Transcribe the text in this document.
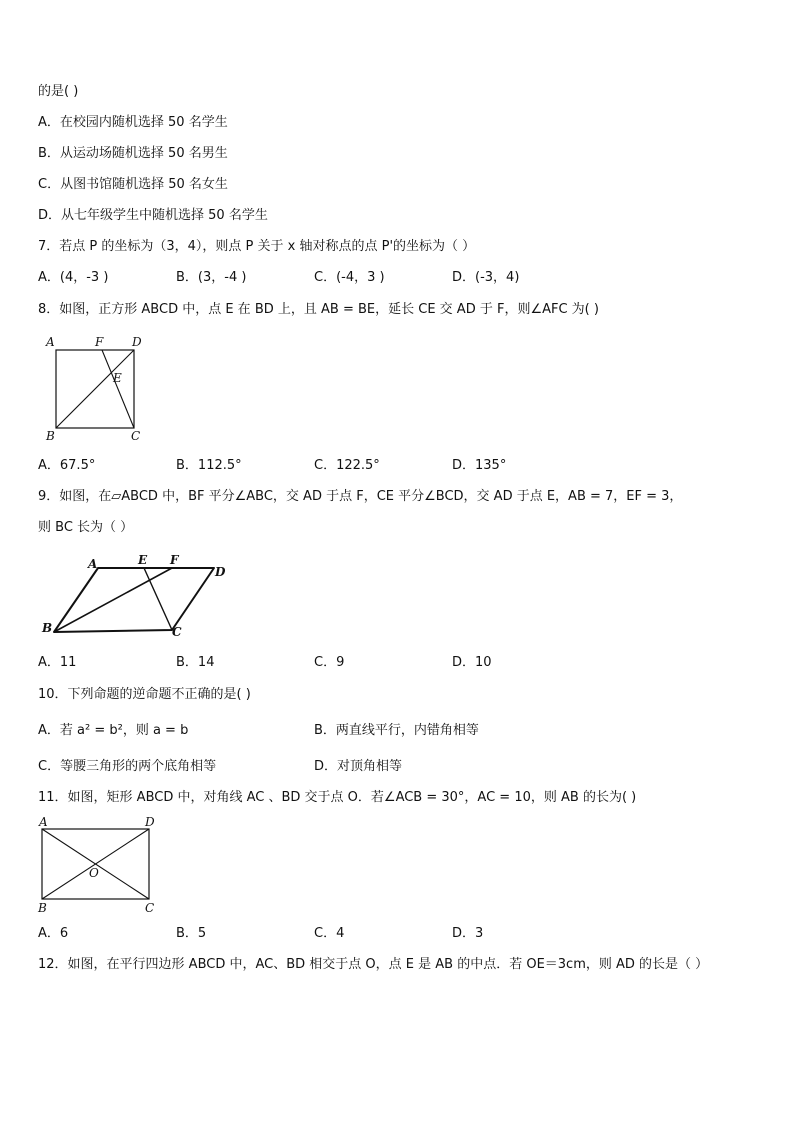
的是( )
A．在校园内随机选择 50 名学生
B．从运动场随机选择 50 名男生
C．从图书馆随机选择 50 名女生
D．从七年级学生中随机选择 50 名学生
7．若点 P 的坐标为（3，4），则点 P 关于 x 轴对称点的点 P'的坐标为（ ）
A．(4，-3 )	B．(3，-4 )	C．(-4，3 )	D．(-3，4)
8．如图，正方形 ABCD 中，点 E 在 BD 上，且 AB = BE，延长 CE 交 AD 于 F，则∠AFC 为( )
A	F D
E
B	C
A．67.5°	B．112.5°	C．122.5°	D．135°
9．如图，在▱ABCD 中，BF 平分∠ABC，交 AD 于点 F，CE 平分∠BCD，交 AD 于点 E，AB = 7，EF = 3，
则 BC 长为（ ）
A	E F
D
B	C
A．11	B．14	C．9	D．10
10．下列命题的逆命题不正确的是( )
A．若 a² = b²，则 a = b	B．两直线平行，内错角相等
C．等腰三角形的两个底角相等	D．对顶角相等
11．如图，矩形 ABCD 中，对角线 AC 、BD 交于点 O．若∠ACB = 30°，AC = 10，则 AB 的长为( )
A	D
O
B	C
A．6	B．5	C．4	D．3
12．如图，在平行四边形 ABCD 中，AC、BD 相交于点 O，点 E 是 AB 的中点．若 OE＝3cm，则 AD 的长是（ ）
